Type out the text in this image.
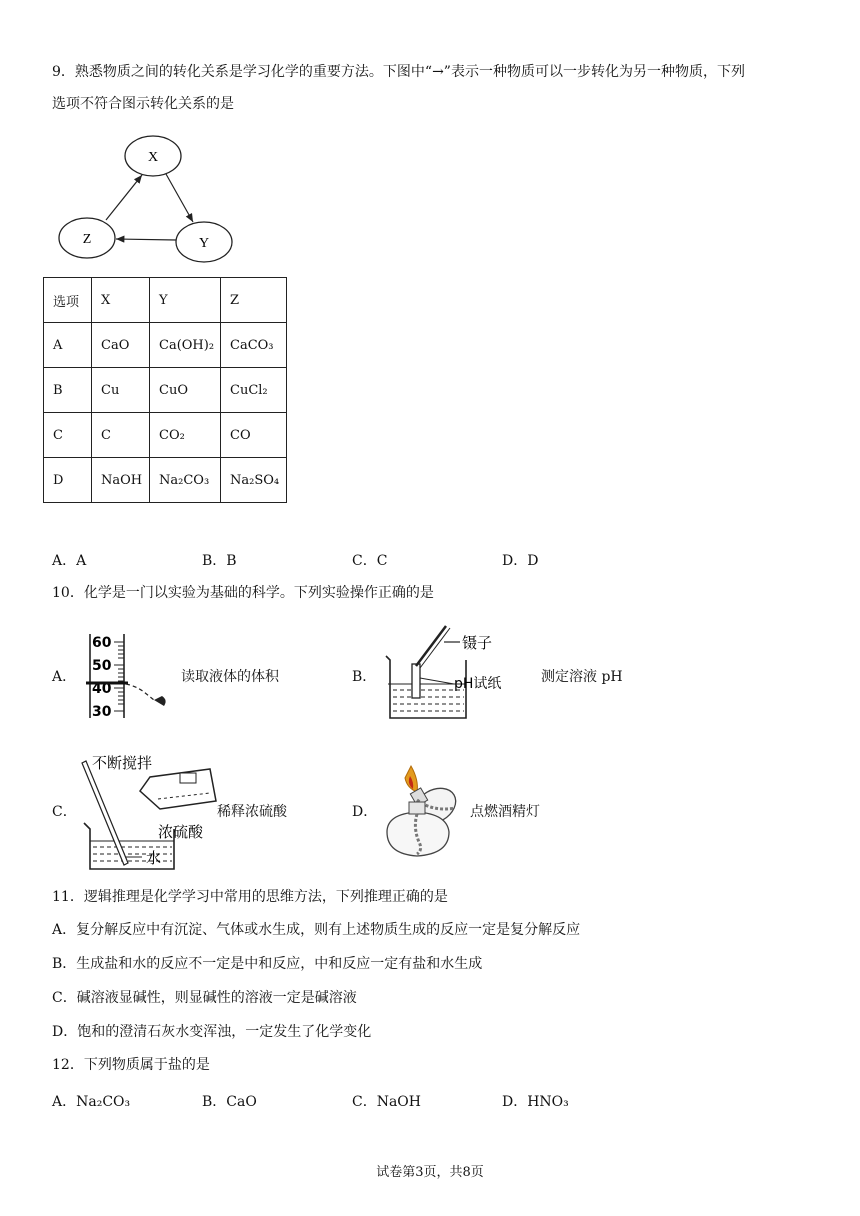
9．熟悉物质之间的转化关系是学习化学的重要方法。下图中“→”表示一种物质可以一步转化为另一种物质，下列
选项不符合图示转化关系的是
X
Z	Y
选项	X	Y	Z
A	CaO	Ca(OH)₂	CaCO₃
B	Cu	CuO	CuCl₂
C	C	CO₂	CO
D	NaOH	Na₂CO₃	Na₂SO₄
A．A	B．B	C．C	D．D
10．化学是一门以实验为基础的科学。下列实验操作正确的是
A．	读取液体的体积	B．	测定溶液 pH
C．	稀释浓硫酸	D．	点燃酒精灯
60
50
40
30
镊子
pH试纸
不断搅拌
浓硫酸
水
11．逻辑推理是化学学习中常用的思维方法，下列推理正确的是
A．复分解反应中有沉淀、气体或水生成，则有上述物质生成的反应一定是复分解反应
B．生成盐和水的反应不一定是中和反应，中和反应一定有盐和水生成
C．碱溶液显碱性，则显碱性的溶液一定是碱溶液
D．饱和的澄清石灰水变浑浊，一定发生了化学变化
12．下列物质属于盐的是
A．Na₂CO₃	B．CaO	C．NaOH	D．HNO₃
试卷第3页，共8页
